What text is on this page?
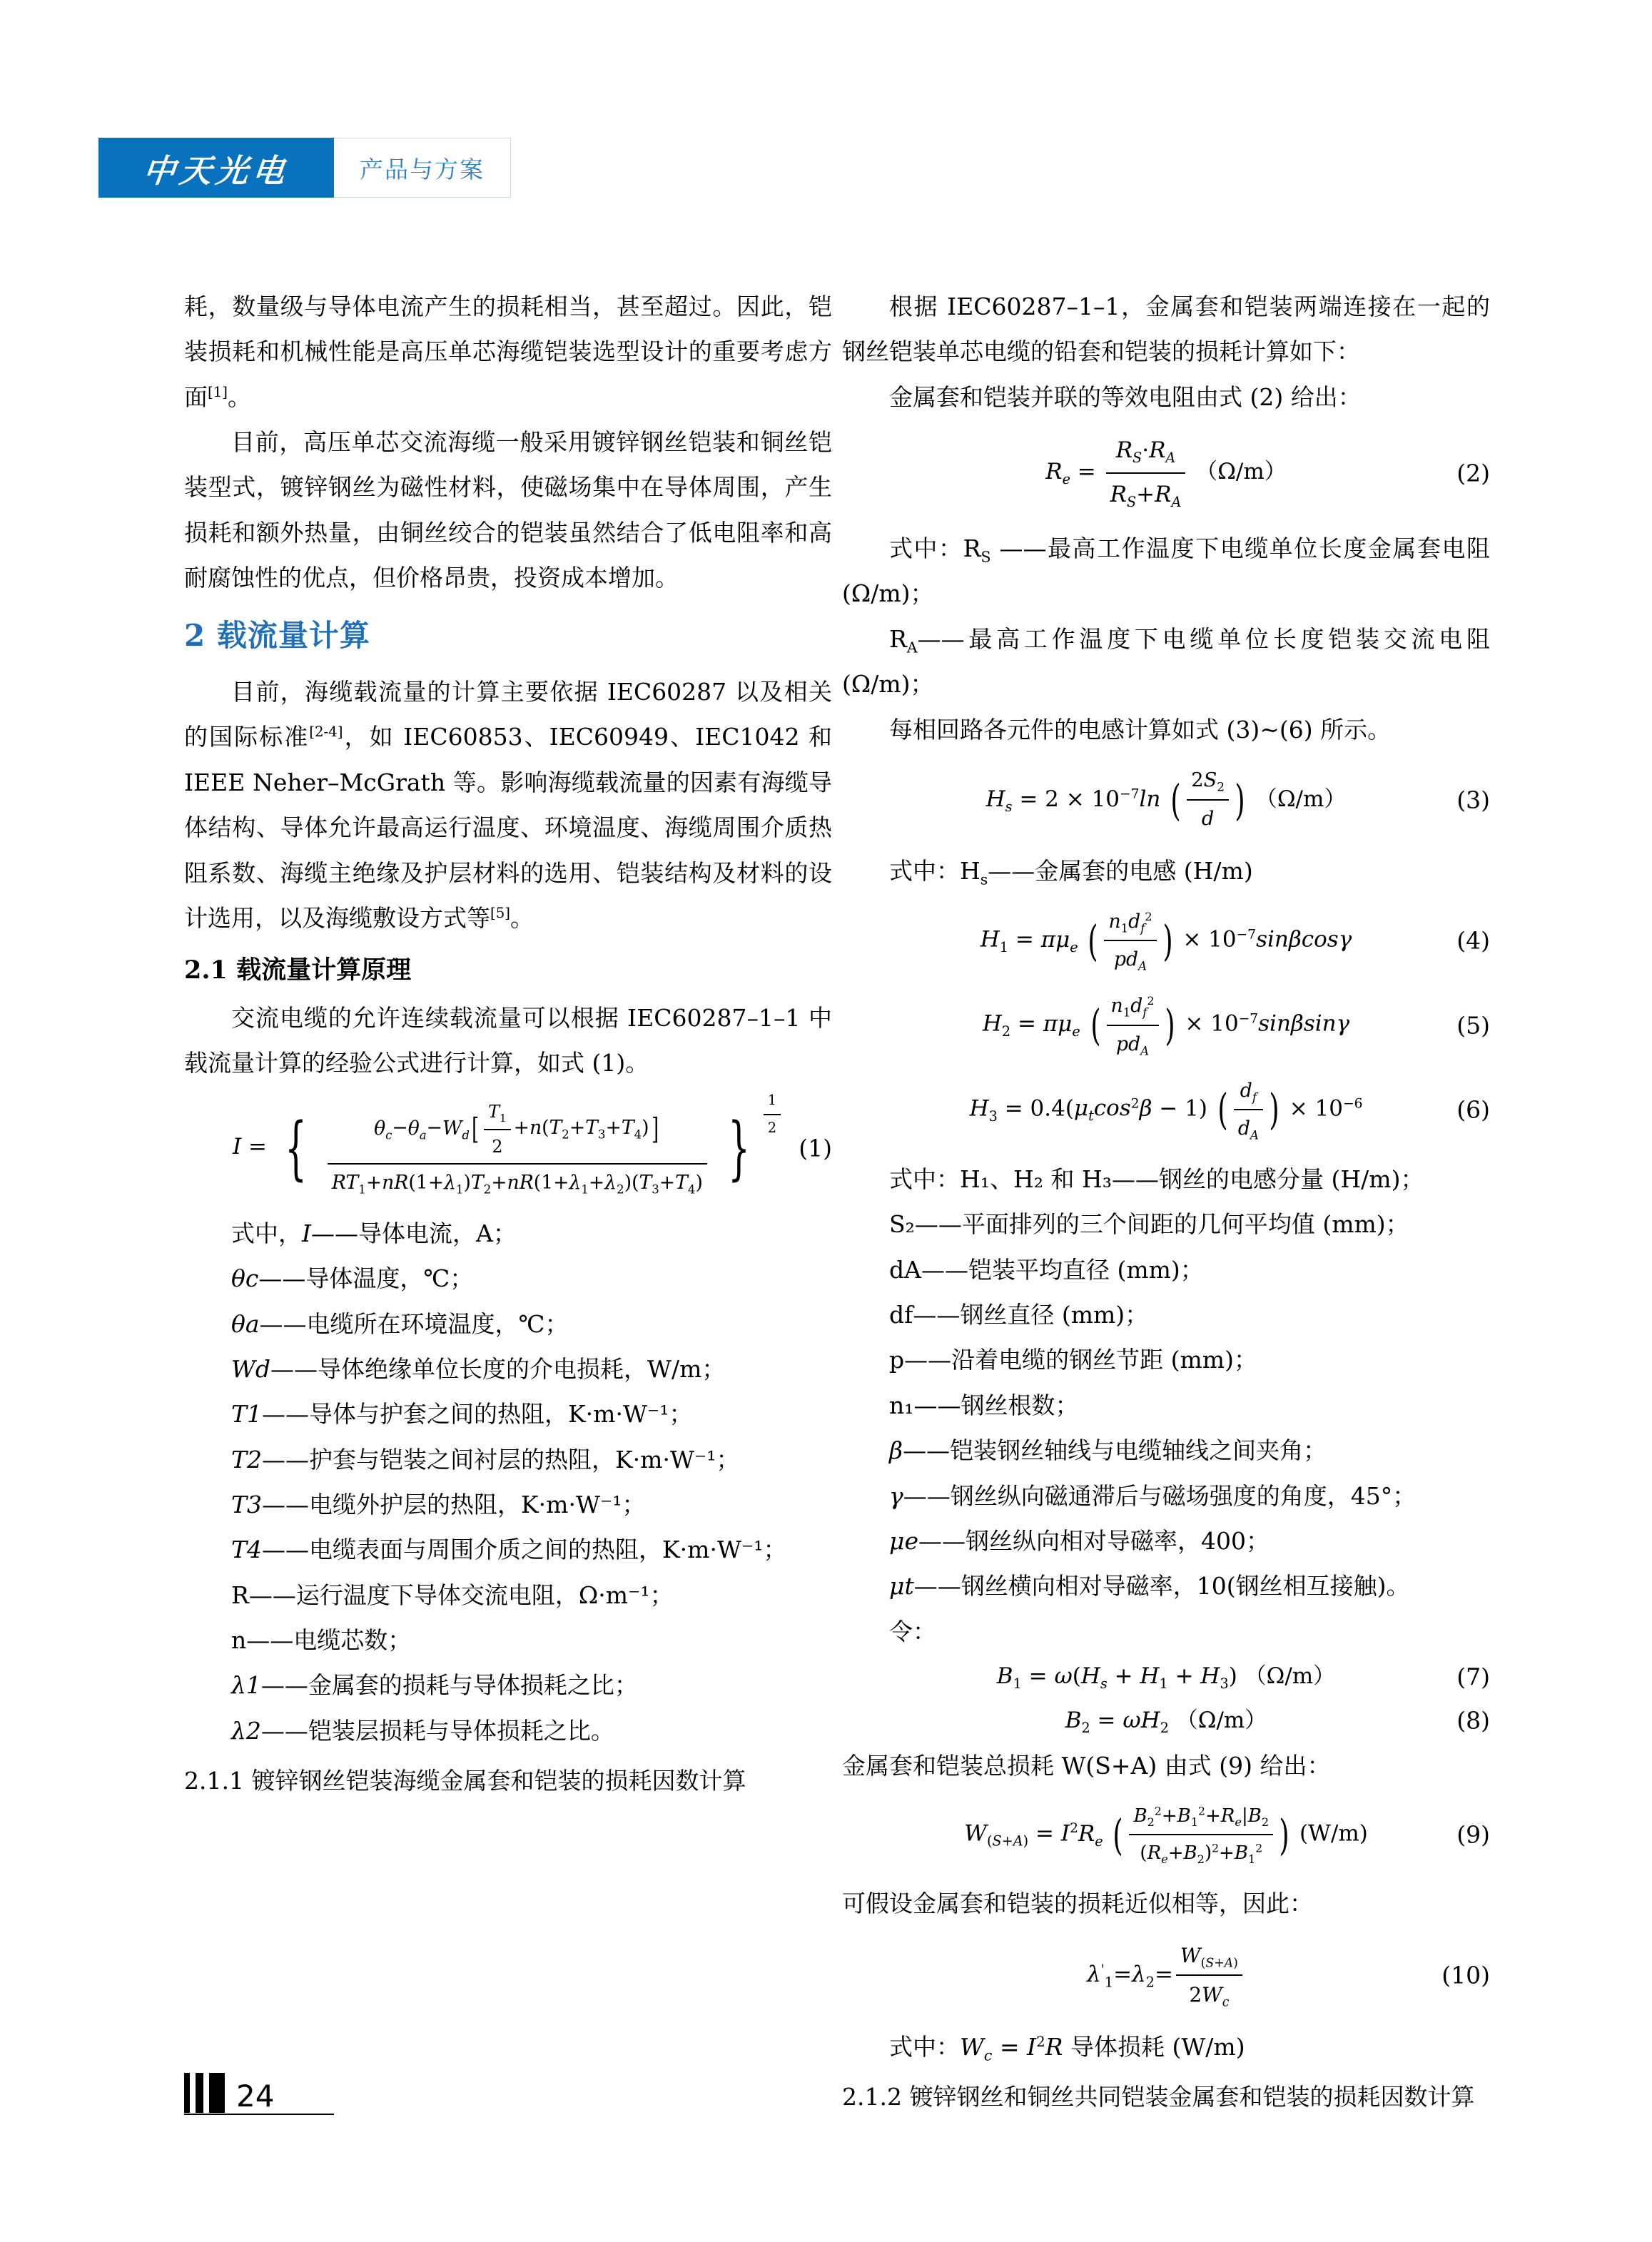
中天光电	产品与方案

耗，数量级与导体电流产生的损耗相当，甚至超过。因此，铠装损耗和机械性能是高压单芯海缆铠装选型设计的重要考虑方面[1]。

目前，高压单芯交流海缆一般采用镀锌钢丝铠装和铜丝铠装型式，镀锌钢丝为磁性材料，使磁场集中在导体周围，产生损耗和额外热量，由铜丝绞合的铠装虽然结合了低电阻率和高耐腐蚀性的优点，但价格昂贵，投资成本增加。

2 载流量计算

目前，海缆载流量的计算主要依据 IEC60287 以及相关的国际标准[2-4]，如 IEC60853、IEC60949、IEC1042 和 IEEE Neher–McGrath 等。影响海缆载流量的因素有海缆导体结构、导体允许最高运行温度、环境温度、海缆周围介质热阻系数、海缆主绝缘及护层材料的选用、铠装结构及材料的设计选用，以及海缆敷设方式等[5]。

2.1 载流量计算原理

交流电缆的允许连续载流量可以根据 IEC60287–1–1 中载流量计算的经验公式进行计算，如式 (1)。

I = { $\frac{\theta_c-\theta_a-W_d[ \frac{T_1}{2} +n(T_2+T_3+T_4)]}{RT_1+nR(1+\lambda_1)T_2+nR(1+\lambda_1+\lambda_2)(T_3+T_4)}$ } $\frac{1}{2}$
(1)

式中，I——导体电流，A；

θc——导体温度，℃；

θa——电缆所在环境温度，℃；

Wd——导体绝缘单位长度的介电损耗，W/m；

T1——导体与护套之间的热阻，K·m·W⁻¹；

T2——护套与铠装之间衬层的热阻，K·m·W⁻¹；

T3——电缆外护层的热阻，K·m·W⁻¹；

T4——电缆表面与周围介质之间的热阻，K·m·W⁻¹；

R——运行温度下导体交流电阻，Ω·m⁻¹；

n——电缆芯数；

λ1——金属套的损耗与导体损耗之比；

λ2——铠装层损耗与导体损耗之比。

2.1.1 镀锌钢丝铠装海缆金属套和铠装的损耗因数计算

根据 IEC60287–1–1，金属套和铠装两端连接在一起的钢丝铠装单芯电缆的铅套和铠装的损耗计算如下：

金属套和铠装并联的等效电阻由式 (2) 给出：

$R_e = \frac{R_S\cdot R_A}{R_S+R_A} (\Omega/m)$	(2)

式中：$R_S$ ——最高工作温度下电缆单位长度金属套电阻 (Ω/m)；

$R_A——$最高工作温度下电缆单位长度铠装交流电阻 (Ω/m)；

每相回路各元件的电感计算如式 (3)~(6) 所示。

$H_s = 2 \times 10^{-7}\ln$ ( $\frac{2S_2}{d}$ ) （Ω/m）	(3)

式中：$H_s——$金属套的电感 (H/m)

$H_1 = \pi\mu_e$ ( $\frac{n_1d_f^2}{pd_A}$ ) × $10^{-7}\sin\beta\cos\gamma$	(4)
$H_2 = \pi\mu_e$ ( $\frac{n_1d_f^2}{pd_A}$ ) × $10^{-7}\sin\beta\sin\gamma$	(5)
$H_3 = 0.4(\mu_t\cos^2\beta - 1)$ ( $\frac{d_f}{d_A}$ ) × $10^{-6}$	(6)

式中：H₁、H₂ 和 H₃——钢丝的电感分量 (H/m)；

S₂——平面排列的三个间距的几何平均值 (mm)；

dA——铠装平均直径 (mm)；

df——钢丝直径 (mm)；

p——沿着电缆的钢丝节距 (mm)；

n₁——钢丝根数；

β——铠装钢丝轴线与电缆轴线之间夹角；

γ——钢丝纵向磁通滞后与磁场强度的角度，45°；

μe——钢丝纵向相对导磁率，400；

μt——钢丝横向相对导磁率，10(钢丝相互接触)。

令：

$B_1 = \omega(H_s + H_1 + H_3)$ （Ω/m）	(7)
$B_2 = \omega H_2$ （Ω/m）	(8)

金属套和铠装总损耗 W(S+A) 由式 (9) 给出：

$W_{(S+A)} = I^2R_e$ ( $\frac{B_2^2+B_1^2+R_e|B_2}{(R_e+B_2)^2+B_1^2}$ ) (W/m)	(9)

可假设金属套和铠装的损耗近似相等，因此：

$\lambda'_1=\lambda_2= \frac{W_{(S+A)}}{2W_c}$	(10)

式中：$W_c = I^2R$ 导体损耗 (W/m)

2.1.2 镀锌钢丝和铜丝共同铠装金属套和铠装的损耗因数计算
24
